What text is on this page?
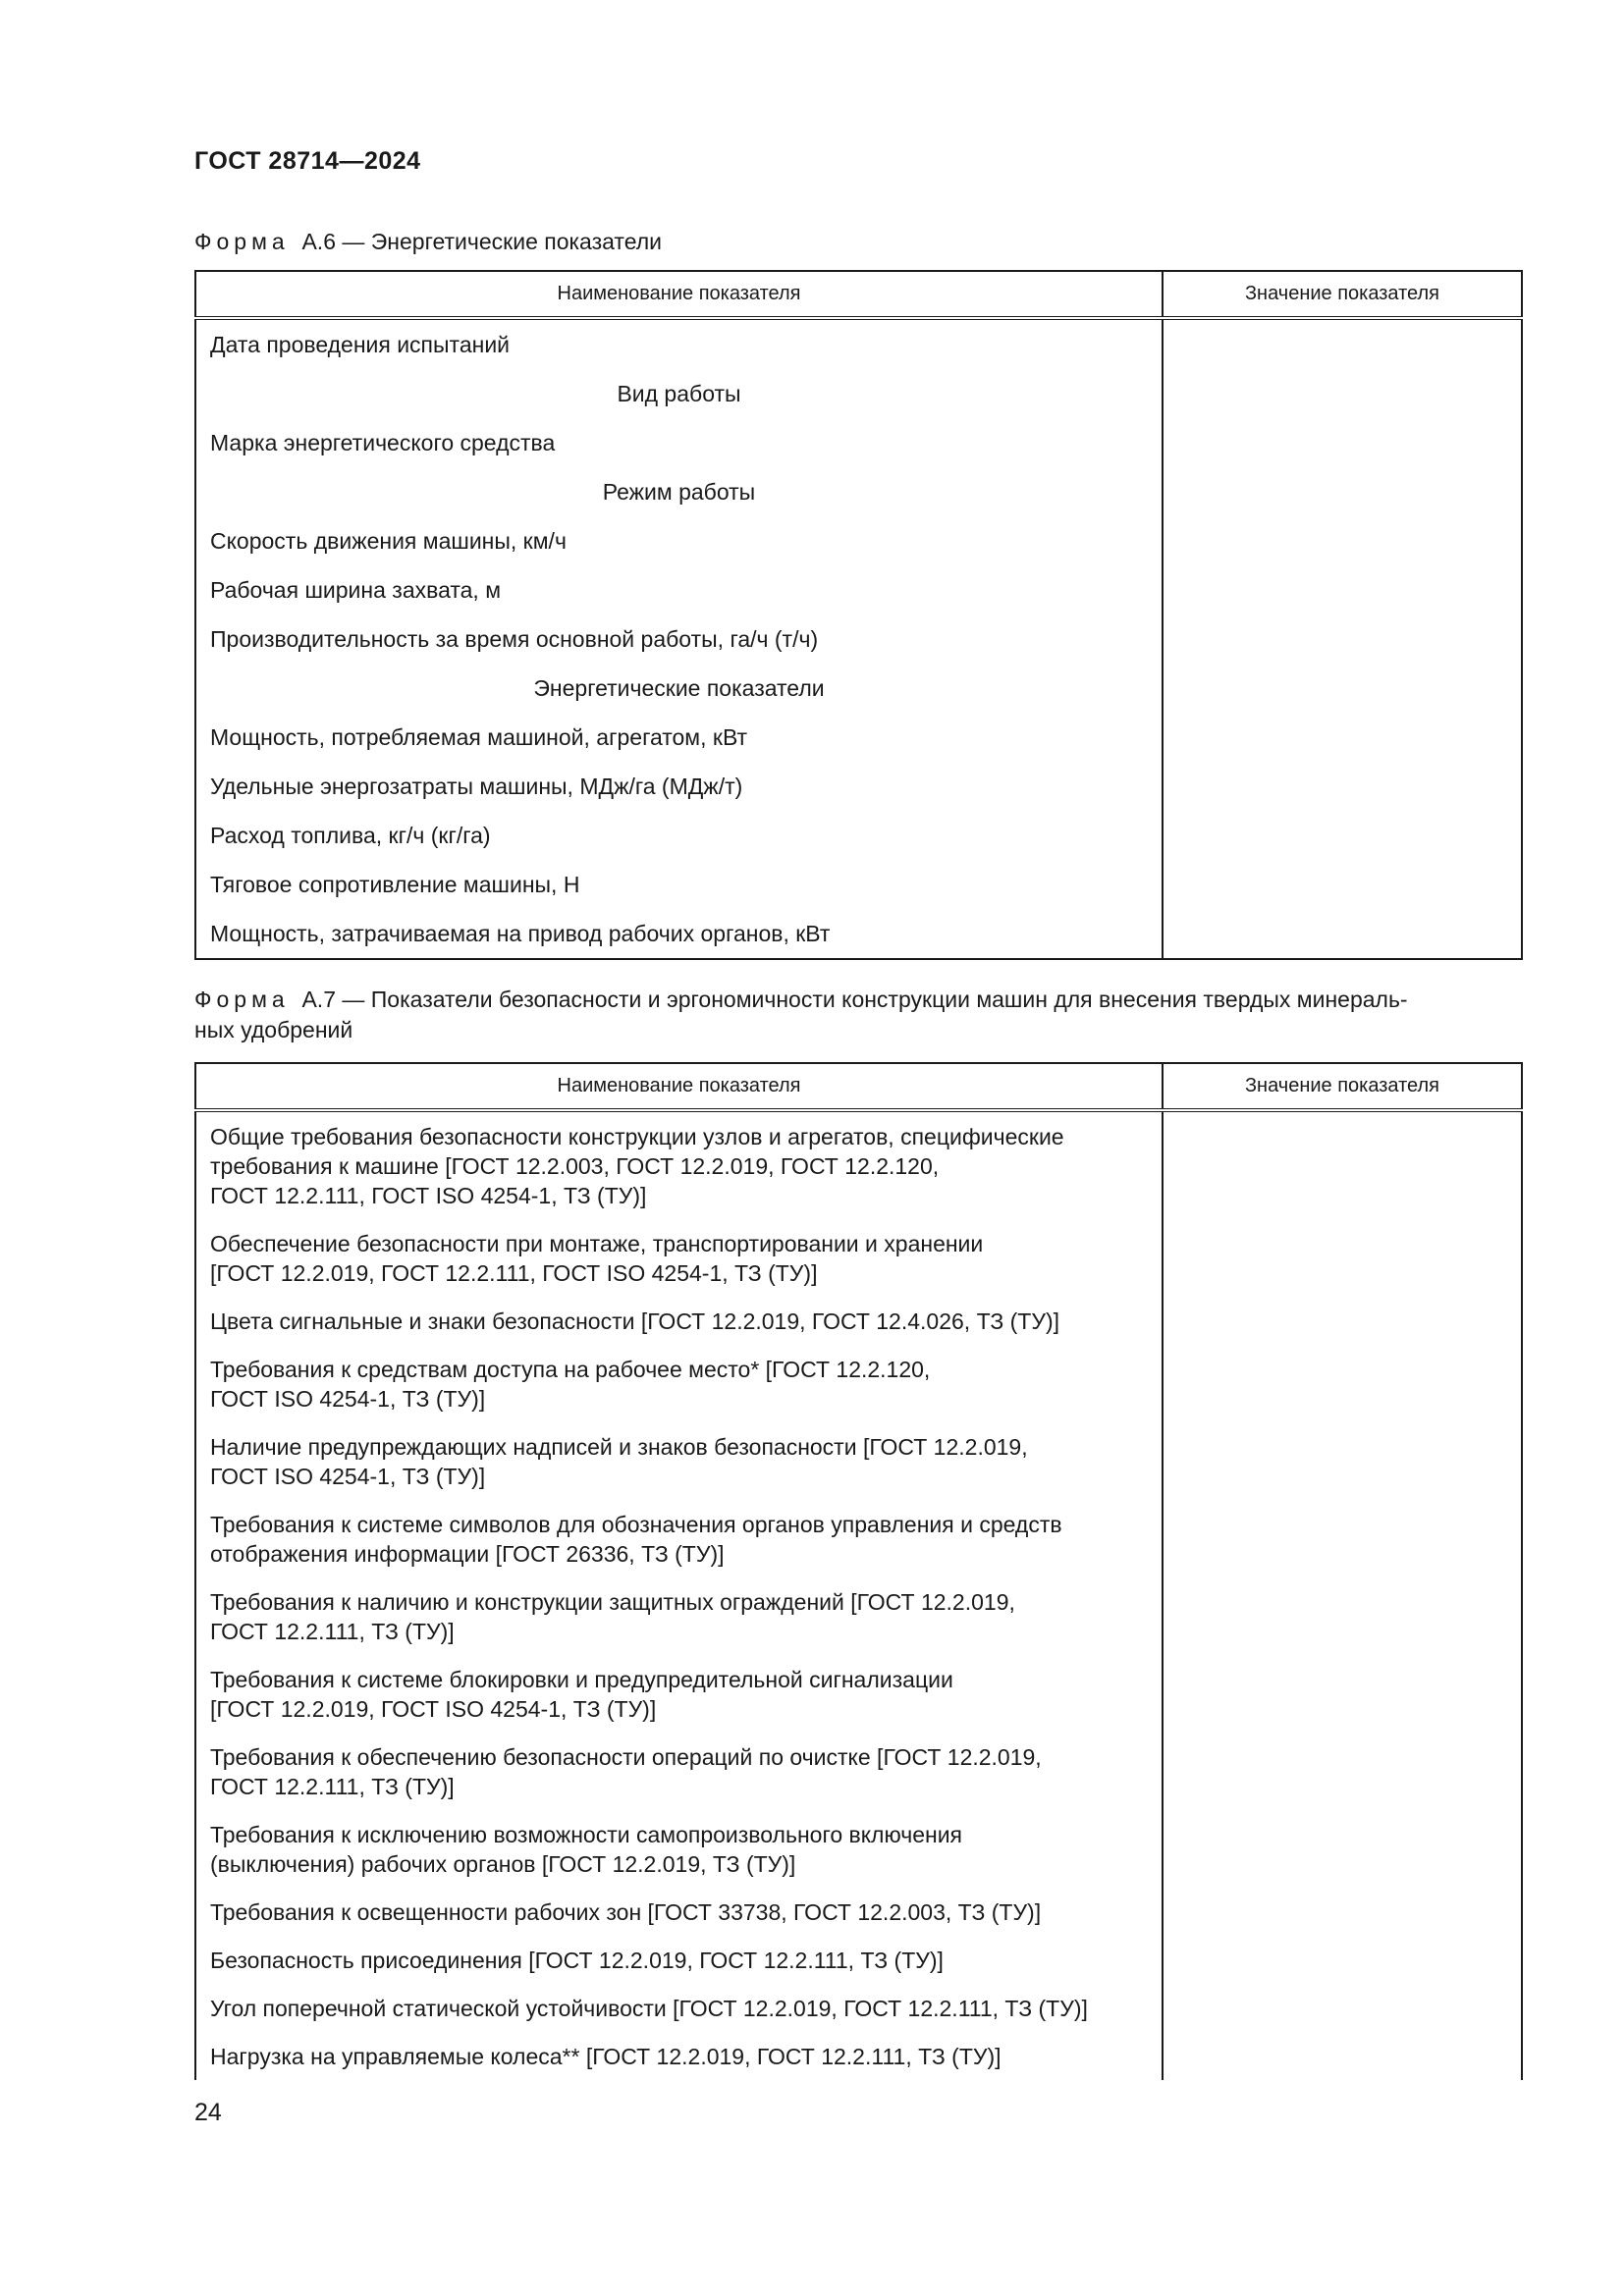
ГОСТ 28714—2024
Форма А.6 — Энергетические показатели
Наименование показателя	Значение показателя
Дата проведения испытаний	
Вид работы	
Марка энергетического средства	
Режим работы	
Скорость движения машины, км/ч	
Рабочая ширина захвата, м	
Производительность за время основной работы, га/ч (т/ч)	
Энергетические показатели	
Мощность, потребляемая машиной, агрегатом, кВт	
Удельные энергозатраты машины, МДж/га (МДж/т)	
Расход топлива, кг/ч (кг/га)	
Тяговое сопротивление машины, Н	
Мощность, затрачиваемая на привод рабочих органов, кВт	
Форма А.7 — Показатели безопасности и эргономичности конструкции машин для внесения твердых минераль-
ных удобрений
Наименование показателя	Значение показателя
Общие требования безопасности конструкции узлов и агрегатов, специфические
требования к машине [ГОСТ 12.2.003, ГОСТ 12.2.019, ГОСТ 12.2.120,
ГОСТ 12.2.111, ГОСТ ISO 4254-1, ТЗ (ТУ)]	
Обеспечение безопасности при монтаже, транспортировании и хранении
[ГОСТ 12.2.019, ГОСТ 12.2.111, ГОСТ ISO 4254-1, ТЗ (ТУ)]	
Цвета сигнальные и знаки безопасности [ГОСТ 12.2.019, ГОСТ 12.4.026, ТЗ (ТУ)]	
Требования к средствам доступа на рабочее место* [ГОСТ 12.2.120,
ГОСТ ISO 4254-1, ТЗ (ТУ)]	
Наличие предупреждающих надписей и знаков безопасности [ГОСТ 12.2.019,
ГОСТ ISO 4254-1, ТЗ (ТУ)]	
Требования к системе символов для обозначения органов управления и средств
отображения информации [ГОСТ 26336, ТЗ (ТУ)]	
Требования к наличию и конструкции защитных ограждений [ГОСТ 12.2.019,
ГОСТ 12.2.111, ТЗ (ТУ)]	
Требования к системе блокировки и предупредительной сигнализации
[ГОСТ 12.2.019, ГОСТ ISO 4254-1, ТЗ (ТУ)]	
Требования к обеспечению безопасности операций по очистке [ГОСТ 12.2.019,
ГОСТ 12.2.111, ТЗ (ТУ)]	
Требования к исключению возможности самопроизвольного включения
(выключения) рабочих органов [ГОСТ 12.2.019, ТЗ (ТУ)]	
Требования к освещенности рабочих зон [ГОСТ 33738, ГОСТ 12.2.003, ТЗ (ТУ)]	
Безопасность присоединения [ГОСТ 12.2.019, ГОСТ 12.2.111, ТЗ (ТУ)]	
Угол поперечной статической устойчивости [ГОСТ 12.2.019, ГОСТ 12.2.111, ТЗ (ТУ)]	
Нагрузка на управляемые колеса** [ГОСТ 12.2.019, ГОСТ 12.2.111, ТЗ (ТУ)]	
24
